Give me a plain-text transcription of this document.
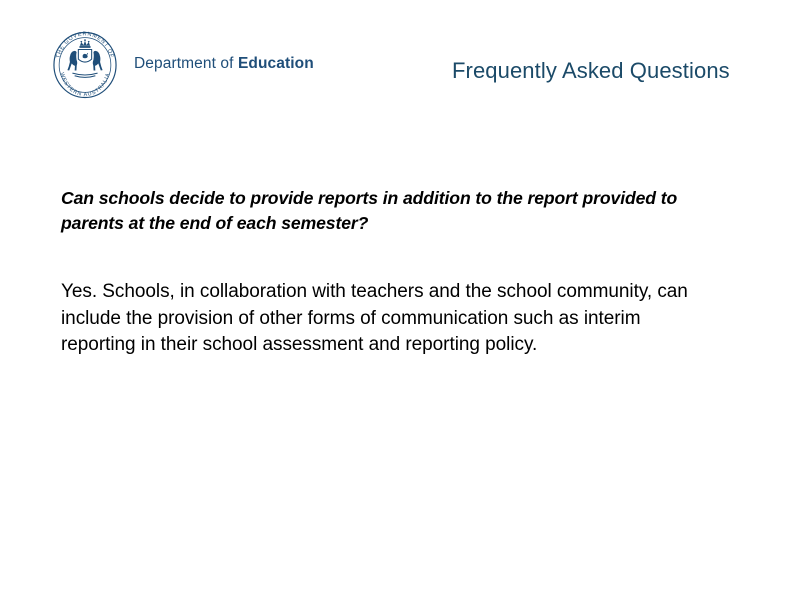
THE GOVERNMENT OF
WESTERN AUSTRALIA
Department of Education	Frequently Asked Questions

Can schools decide to provide reports in addition to the report provided to parents at the end of each semester?

Yes. Schools, in collaboration with teachers and the school community, can include the provision of other forms of communication such as interim reporting in their school assessment and reporting policy.
